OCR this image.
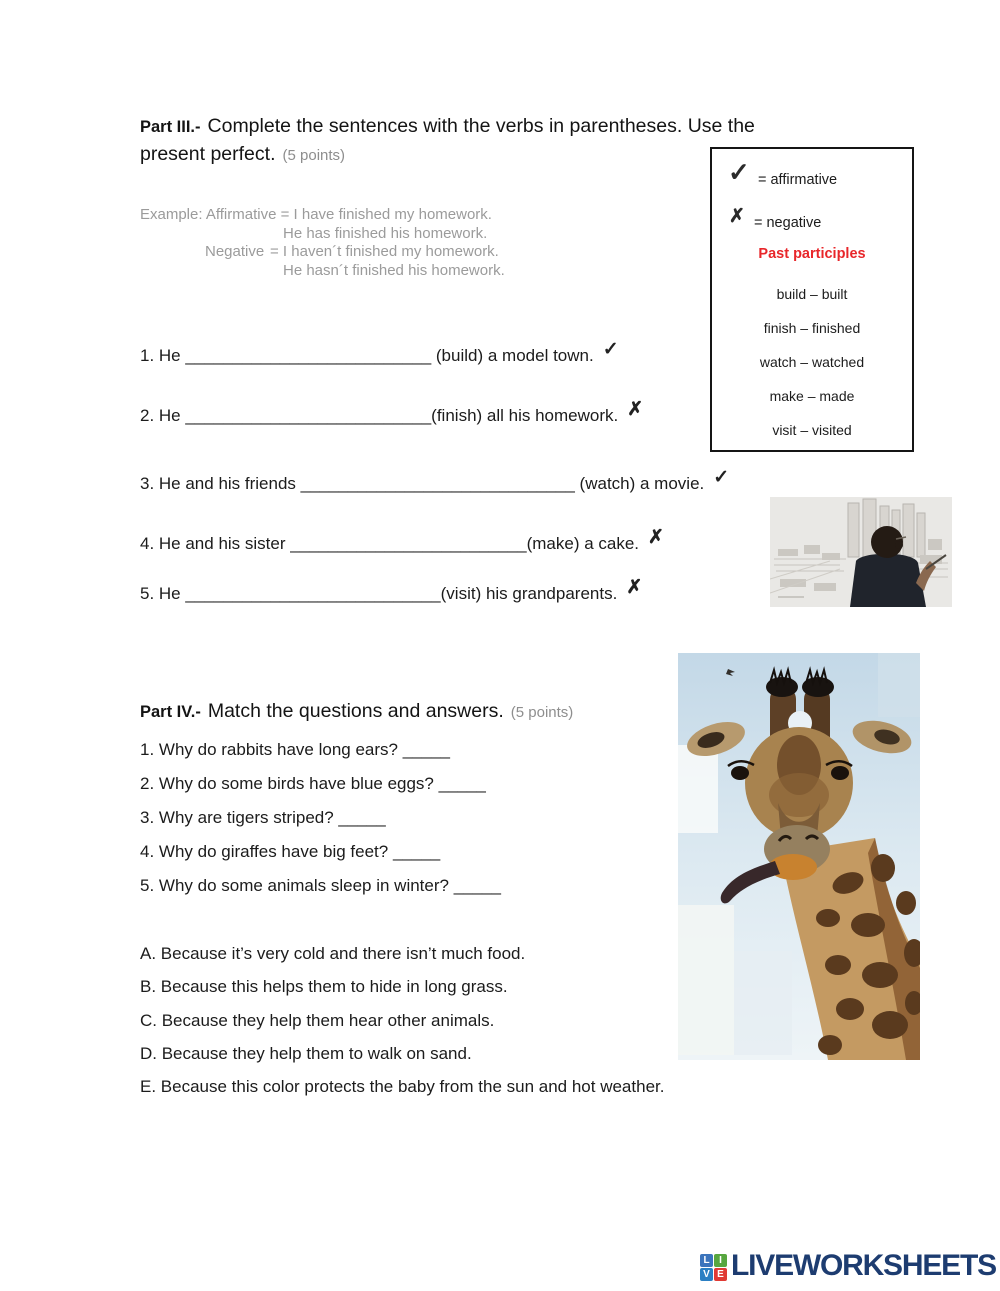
Part III.- Complete the sentences with the verbs in parentheses. Use the
present perfect. (5 points)
Example: Affirmative = I have finished my homework.
He has finished his homework.
Negative = I haven´t finished my homework.
He hasn´t finished his homework.
✓ = affirmative
✗ = negative
Past participles
build – built
finish – finished
watch – watched
make – made
visit – visited
1. He __________________________ (build) a model town. ✓
2. He __________________________(finish) all his homework. ✗
3. He and his friends _____________________________ (watch) a movie. ✓
4. He and his sister _________________________(make) a cake. ✗
5. He ___________________________(visit) his grandparents. ✗
Part IV.- Match the questions and answers. (5 points)
1. Why do rabbits have long ears? _____
2. Why do some birds have blue eggs? _____
3. Why are tigers striped? _____
4. Why do giraffes have big feet? _____
5. Why do some animals sleep in winter? _____
A. Because it’s very cold and there isn’t much food.
B. Because this helps them to hide in long grass.
C. Because they help them hear other animals.
D. Because they help them to walk on sand.
E. Because this color protects the baby from the sun and hot weather.
L I
V E LIVEWORKSHEETS
